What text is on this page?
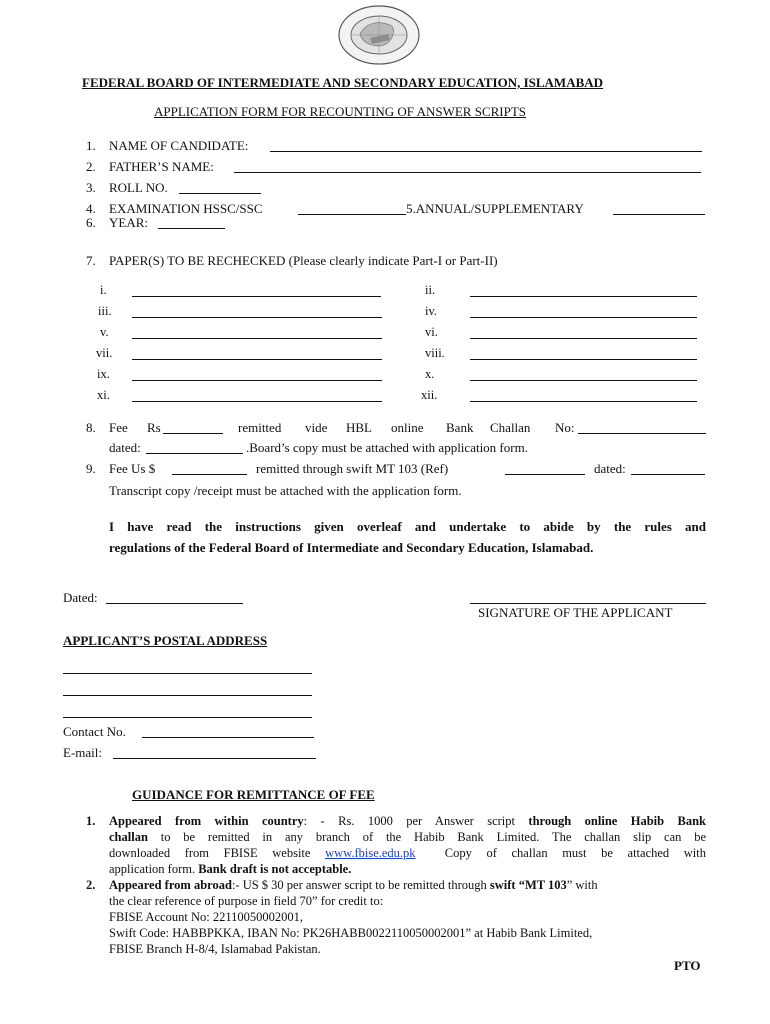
FEDERAL BOARD OF INTERMEDIATE AND SECONDARY EDUCATION, ISLAMABAD
APPLICATION FORM FOR RECOUNTING OF ANSWER SCRIPTS
1. NAME OF CANDIDATE:
2. FATHER’S NAME:
3. ROLL NO.
4. EXAMINATION HSSC/SSC	5.ANNUAL/SUPPLEMENTARY
6. YEAR:
7. PAPER(S) TO BE RECHECKED (Please clearly indicate Part-I or Part-II)
i.	ii.
iii.	iv.
v.	vi.
vii.	viii.
ix.	x.
xi.	xii.
8. Fee Rs	remitted vide HBL online Bank Challan No:
dated:	.Board’s copy must be attached with application form.
9. Fee Us $	remitted through swift MT 103 (Ref)	dated:
Transcript copy /receipt must be attached with the application form.
I have read the instructions given overleaf and undertake to abide by the rules and
regulations of the Federal Board of Intermediate and Secondary Education, Islamabad.
Dated:
SIGNATURE OF THE APPLICANT
APPLICANT’S POSTAL ADDRESS
Contact No.
E-mail:
GUIDANCE FOR REMITTANCE OF FEE
1. Appeared from within country: - Rs. 1000 per Answer script through online Habib Bank
challan to be remitted in any branch of the Habib Bank Limited. The challan slip can be
downloaded from FBISE website www.fbise.edu.pk Copy of challan must be attached with
application form. Bank draft is not acceptable.
2. Appeared from abroad:- US $ 30 per answer script to be remitted through swift “MT 103” with
the clear reference of purpose in field 70” for credit to:
FBISE Account No: 22110050002001,
Swift Code: HABBPKKA, IBAN No: PK26HABB0022110050002001” at Habib Bank Limited,
FBISE Branch H-8/4, Islamabad Pakistan.
PTO
